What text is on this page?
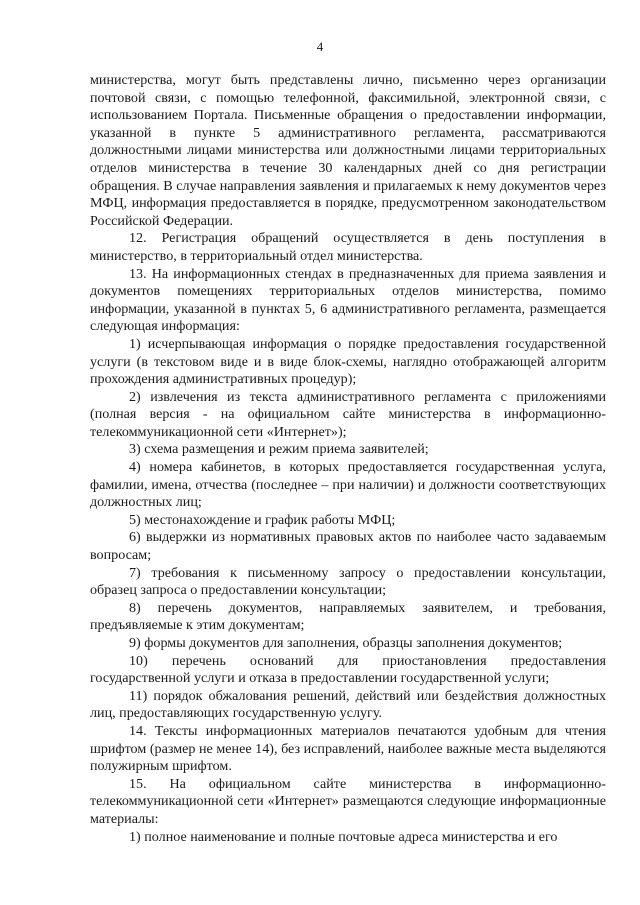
4

министерства, могут быть представлены лично, письменно через организации почтовой связи, с помощью телефонной, факсимильной, электронной связи, с использованием Портала. Письменные обращения о предоставлении информации, указанной в пункте 5 административного регламента, рассматриваются должностными лицами министерства или должностными лицами территориальных отделов министерства в течение 30 календарных дней со дня регистрации обращения. В случае направления заявления и прилагаемых к нему документов через МФЦ, информация предоставляется в порядке, предусмотренном законодательством Российской Федерации.

12. Регистрация обращений осуществляется в день поступления в министерство, в территориальный отдел министерства.

13. На информационных стендах в предназначенных для приема заявления и документов помещениях территориальных отделов министерства, помимо информации, указанной в пунктах 5, 6 административного регламента, размещается следующая информация:

1) исчерпывающая информация о порядке предоставления государственной услуги (в текстовом виде и в виде блок-схемы, наглядно отображающей алгоритм прохождения административных процедур);

2) извлечения из текста административного регламента с приложениями (полная версия - на официальном сайте министерства в информационно-телекоммуникационной сети «Интернет»);

3) схема размещения и режим приема заявителей;

4) номера кабинетов, в которых предоставляется государственная услуга, фамилии, имена, отчества (последнее – при наличии) и должности соответствующих должностных лиц;

5) местонахождение и график работы МФЦ;

6) выдержки из нормативных правовых актов по наиболее часто задаваемым вопросам;

7) требования к письменному запросу о предоставлении консультации, образец запроса о предоставлении консультации;

8) перечень документов, направляемых заявителем, и требования, предъявляемые к этим документам;

9) формы документов для заполнения, образцы заполнения документов;

10) перечень оснований для приостановления предоставления государственной услуги и отказа в предоставлении государственной услуги;

11) порядок обжалования решений, действий или бездействия должностных лиц, предоставляющих государственную услугу.

14. Тексты информационных материалов печатаются удобным для чтения шрифтом (размер не менее 14), без исправлений, наиболее важные места выделяются полужирным шрифтом.

15. На официальном сайте министерства в информационно-телекоммуникационной сети «Интернет» размещаются следующие информационные материалы:

1) полное наименование и полные почтовые адреса министерства и его
